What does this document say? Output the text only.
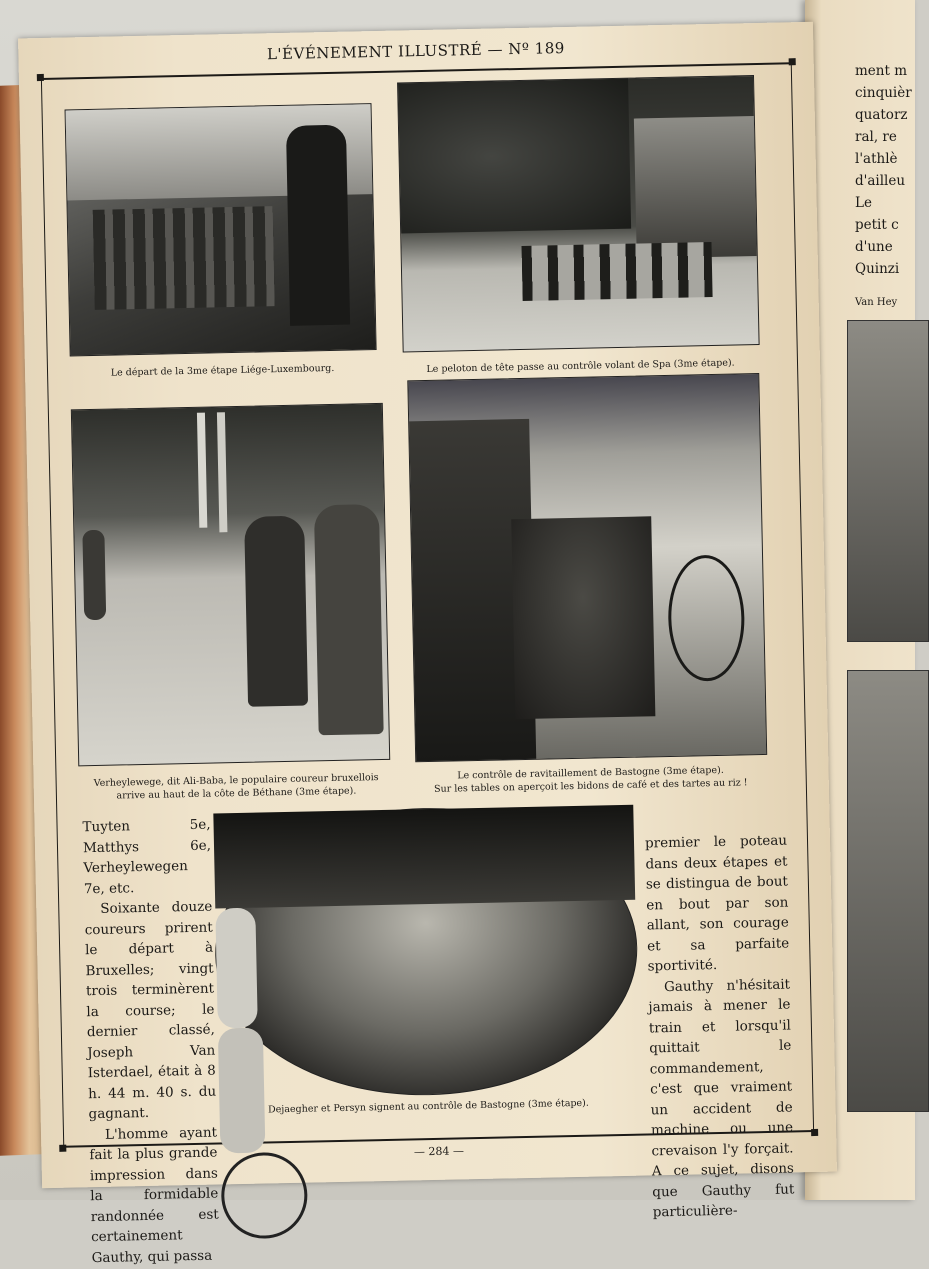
ment m
cinquièr
quatorz
ral, re
l'athlè
d'ailleu
Le
petit c
d'une
Quinzi
Van Hey
L'ÉVÉNEMENT ILLUSTRÉ — Nº 189
Le départ de la 3me étape Liége-Luxembourg.	Le peloton de tête passe au contrôle volant de Spa (3me étape).
Verheylewege, dit Ali-Baba, le populaire coureur bruxellois arrive au haut de la côte de Béthane (3me étape).
Le contrôle de ravitaillement de Bastogne (3me étape).
Sur les tables on aperçoit les bidons de café et des tartes au riz !

Tuyten 5e, Matthys 6e, Verheylewegen 7e, etc.

Soixante douze coureurs prirent le départ à Bruxelles; vingt trois terminèrent la course; le dernier classé, Joseph Van Isterdael, était à 8 h. 44 m. 40 s. du gagnant.

L'homme ayant fait la plus grande impression dans la formidable randonnée est certainement Gauthy, qui passa

Dejaegher et Persyn signent au contrôle de Bastogne (3me étape).

premier le poteau dans deux étapes et se distingua de bout en bout par son allant, son courage et sa parfaite sportivité.

Gauthy n'hésitait jamais à mener le train et lorsqu'il quittait le commandement, c'est que vraiment un accident de machine ou une crevaison l'y forçait. A ce sujet, disons que Gauthy fut particulière-

— 284 —
